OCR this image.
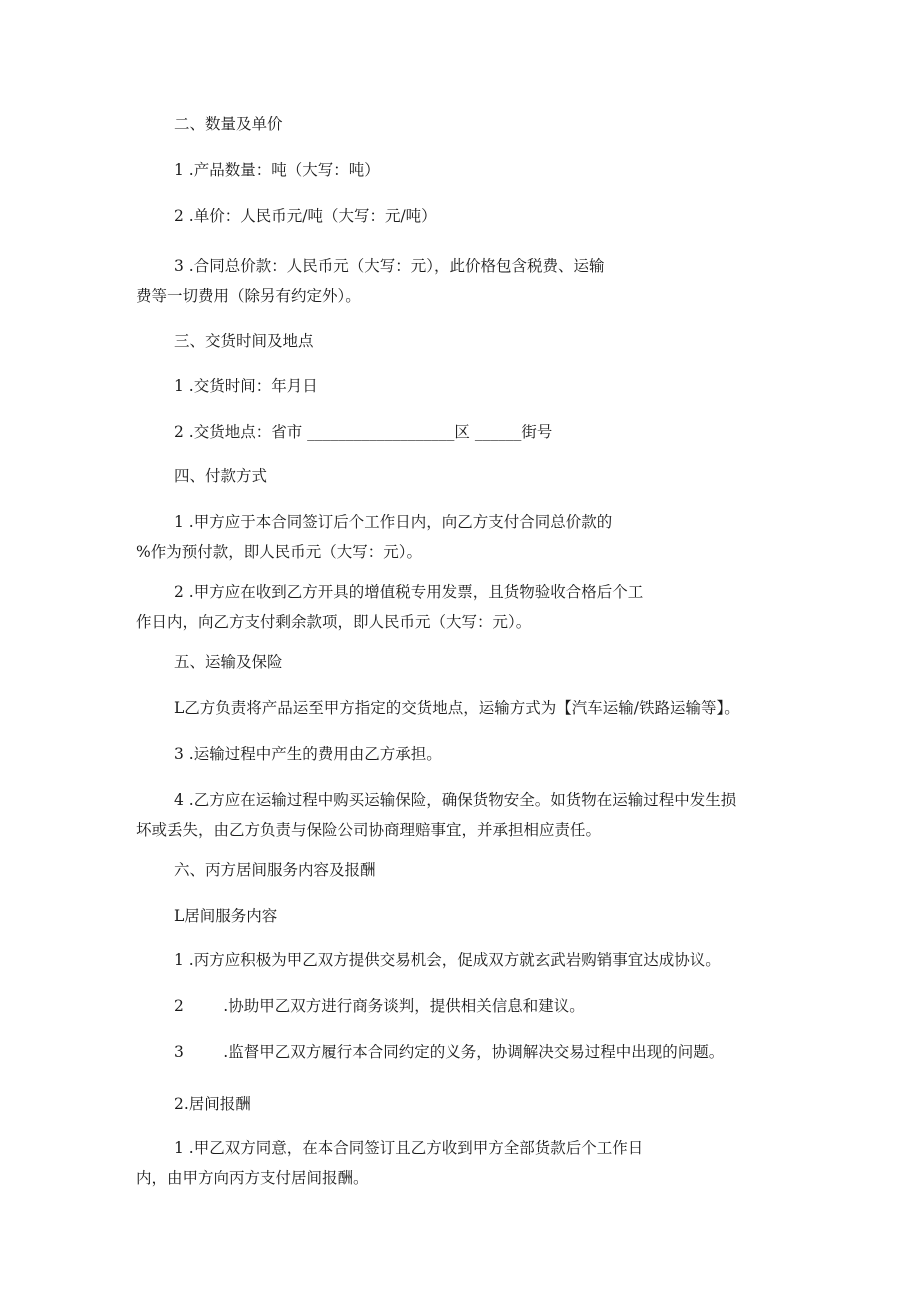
二、数量及单价

1 .产品数量：吨（大写：吨）

2 .单价：人民币元/吨（大写：元/吨）

3 .合同总价款：人民币元（大写：元），此价格包含税费、运输
费等一切费用（除另有约定外）。

三、交货时间及地点

1 .交货时间：年月日

2 .交货地点：省市 ___________________区 ______街号

四、付款方式

1 .甲方应于本合同签订后个工作日内，向乙方支付合同总价款的
%作为预付款，即人民币元（大写：元）。

2 .甲方应在收到乙方开具的增值税专用发票，且货物验收合格后个工
作日内，向乙方支付剩余款项，即人民币元（大写：元）。

五、运输及保险

L乙方负责将产品运至甲方指定的交货地点，运输方式为【汽车运输/铁路运输等】。

3 .运输过程中产生的费用由乙方承担。

4 .乙方应在运输过程中购买运输保险，确保货物安全。如货物在运输过程中发生损
坏或丢失，由乙方负责与保险公司协商理赔事宜，并承担相应责任。

六、丙方居间服务内容及报酬

L居间服务内容

1 .丙方应积极为甲乙双方提供交易机会，促成双方就玄武岩购销事宜达成协议。

2        .协助甲乙双方进行商务谈判，提供相关信息和建议。

3        .监督甲乙双方履行本合同约定的义务，协调解决交易过程中出现的问题。

2.居间报酬

1 .甲乙双方同意，在本合同签订且乙方收到甲方全部货款后个工作日
内，由甲方向丙方支付居间报酬。
